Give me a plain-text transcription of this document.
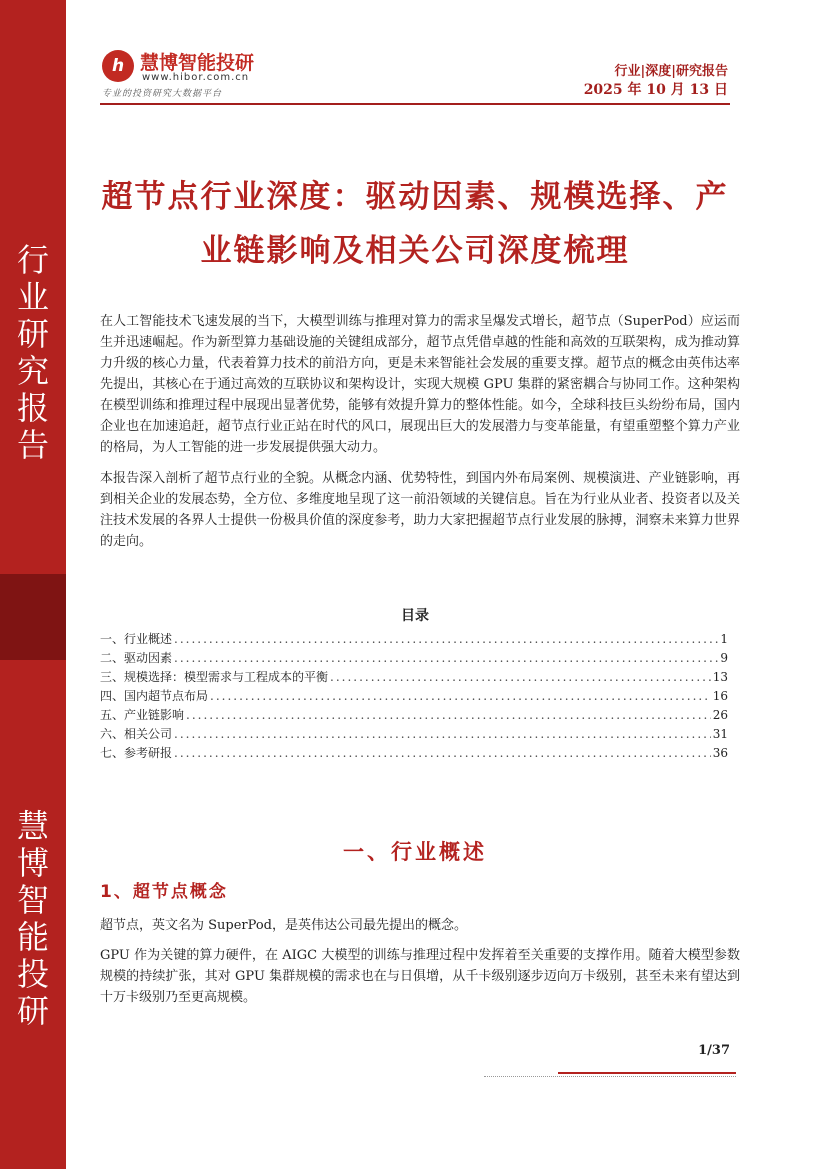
行
业
研
究
报
告
慧
博
智
能
投
研
h 慧博智能投研
www.hibor.com.cn
专业的投资研究大数据平台
行业|深度|研究报告
2025 年 10 月 13 日
超节点行业深度：驱动因素、规模选择、产
业链影响及相关公司深度梳理
在人工智能技术飞速发展的当下，大模型训练与推理对算力的需求呈爆发式增长，超节点（SuperPod）应运而生并迅速崛起。作为新型算力基础设施的关键组成部分，超节点凭借卓越的性能和高效的互联架构，成为推动算力升级的核心力量，代表着算力技术的前沿方向，更是未来智能社会发展的重要支撑。超节点的概念由英伟达率先提出，其核心在于通过高效的互联协议和架构设计，实现大规模 GPU 集群的紧密耦合与协同工作。这种架构在模型训练和推理过程中展现出显著优势，能够有效提升算力的整体性能。如今，全球科技巨头纷纷布局，国内企业也在加速追赶，超节点行业正站在时代的风口，展现出巨大的发展潜力与变革能量，有望重塑整个算力产业的格局，为人工智能的进一步发展提供强大动力。
本报告深入剖析了超节点行业的全貌。从概念内涵、优势特性，到国内外布局案例、规模演进、产业链影响，再到相关企业的发展态势，全方位、多维度地呈现了这一前沿领域的关键信息。旨在为行业从业者、投资者以及关注技术发展的各界人士提供一份极具价值的深度参考，助力大家把握超节点行业发展的脉搏，洞察未来算力世界的走向。
目录
一、行业概述 .....	1
二、驱动因素 .....	9
三、规模选择：模型需求与工程成本的平衡 .....	13
四、国内超节点布局 .....	16
五、产业链影响 .....	26
六、相关公司 .....	31
七、参考研报 .....	36
一、行业概述
1、超节点概念
超节点，英文名为 SuperPod，是英伟达公司最先提出的概念。
GPU 作为关键的算力硬件，在 AIGC 大模型的训练与推理过程中发挥着至关重要的支撑作用。随着大模型参数规模的持续扩张，其对 GPU 集群规模的需求也在与日俱增，从千卡级别逐步迈向万卡级别，甚至未来有望达到十万卡级别乃至更高规模。
1/37
